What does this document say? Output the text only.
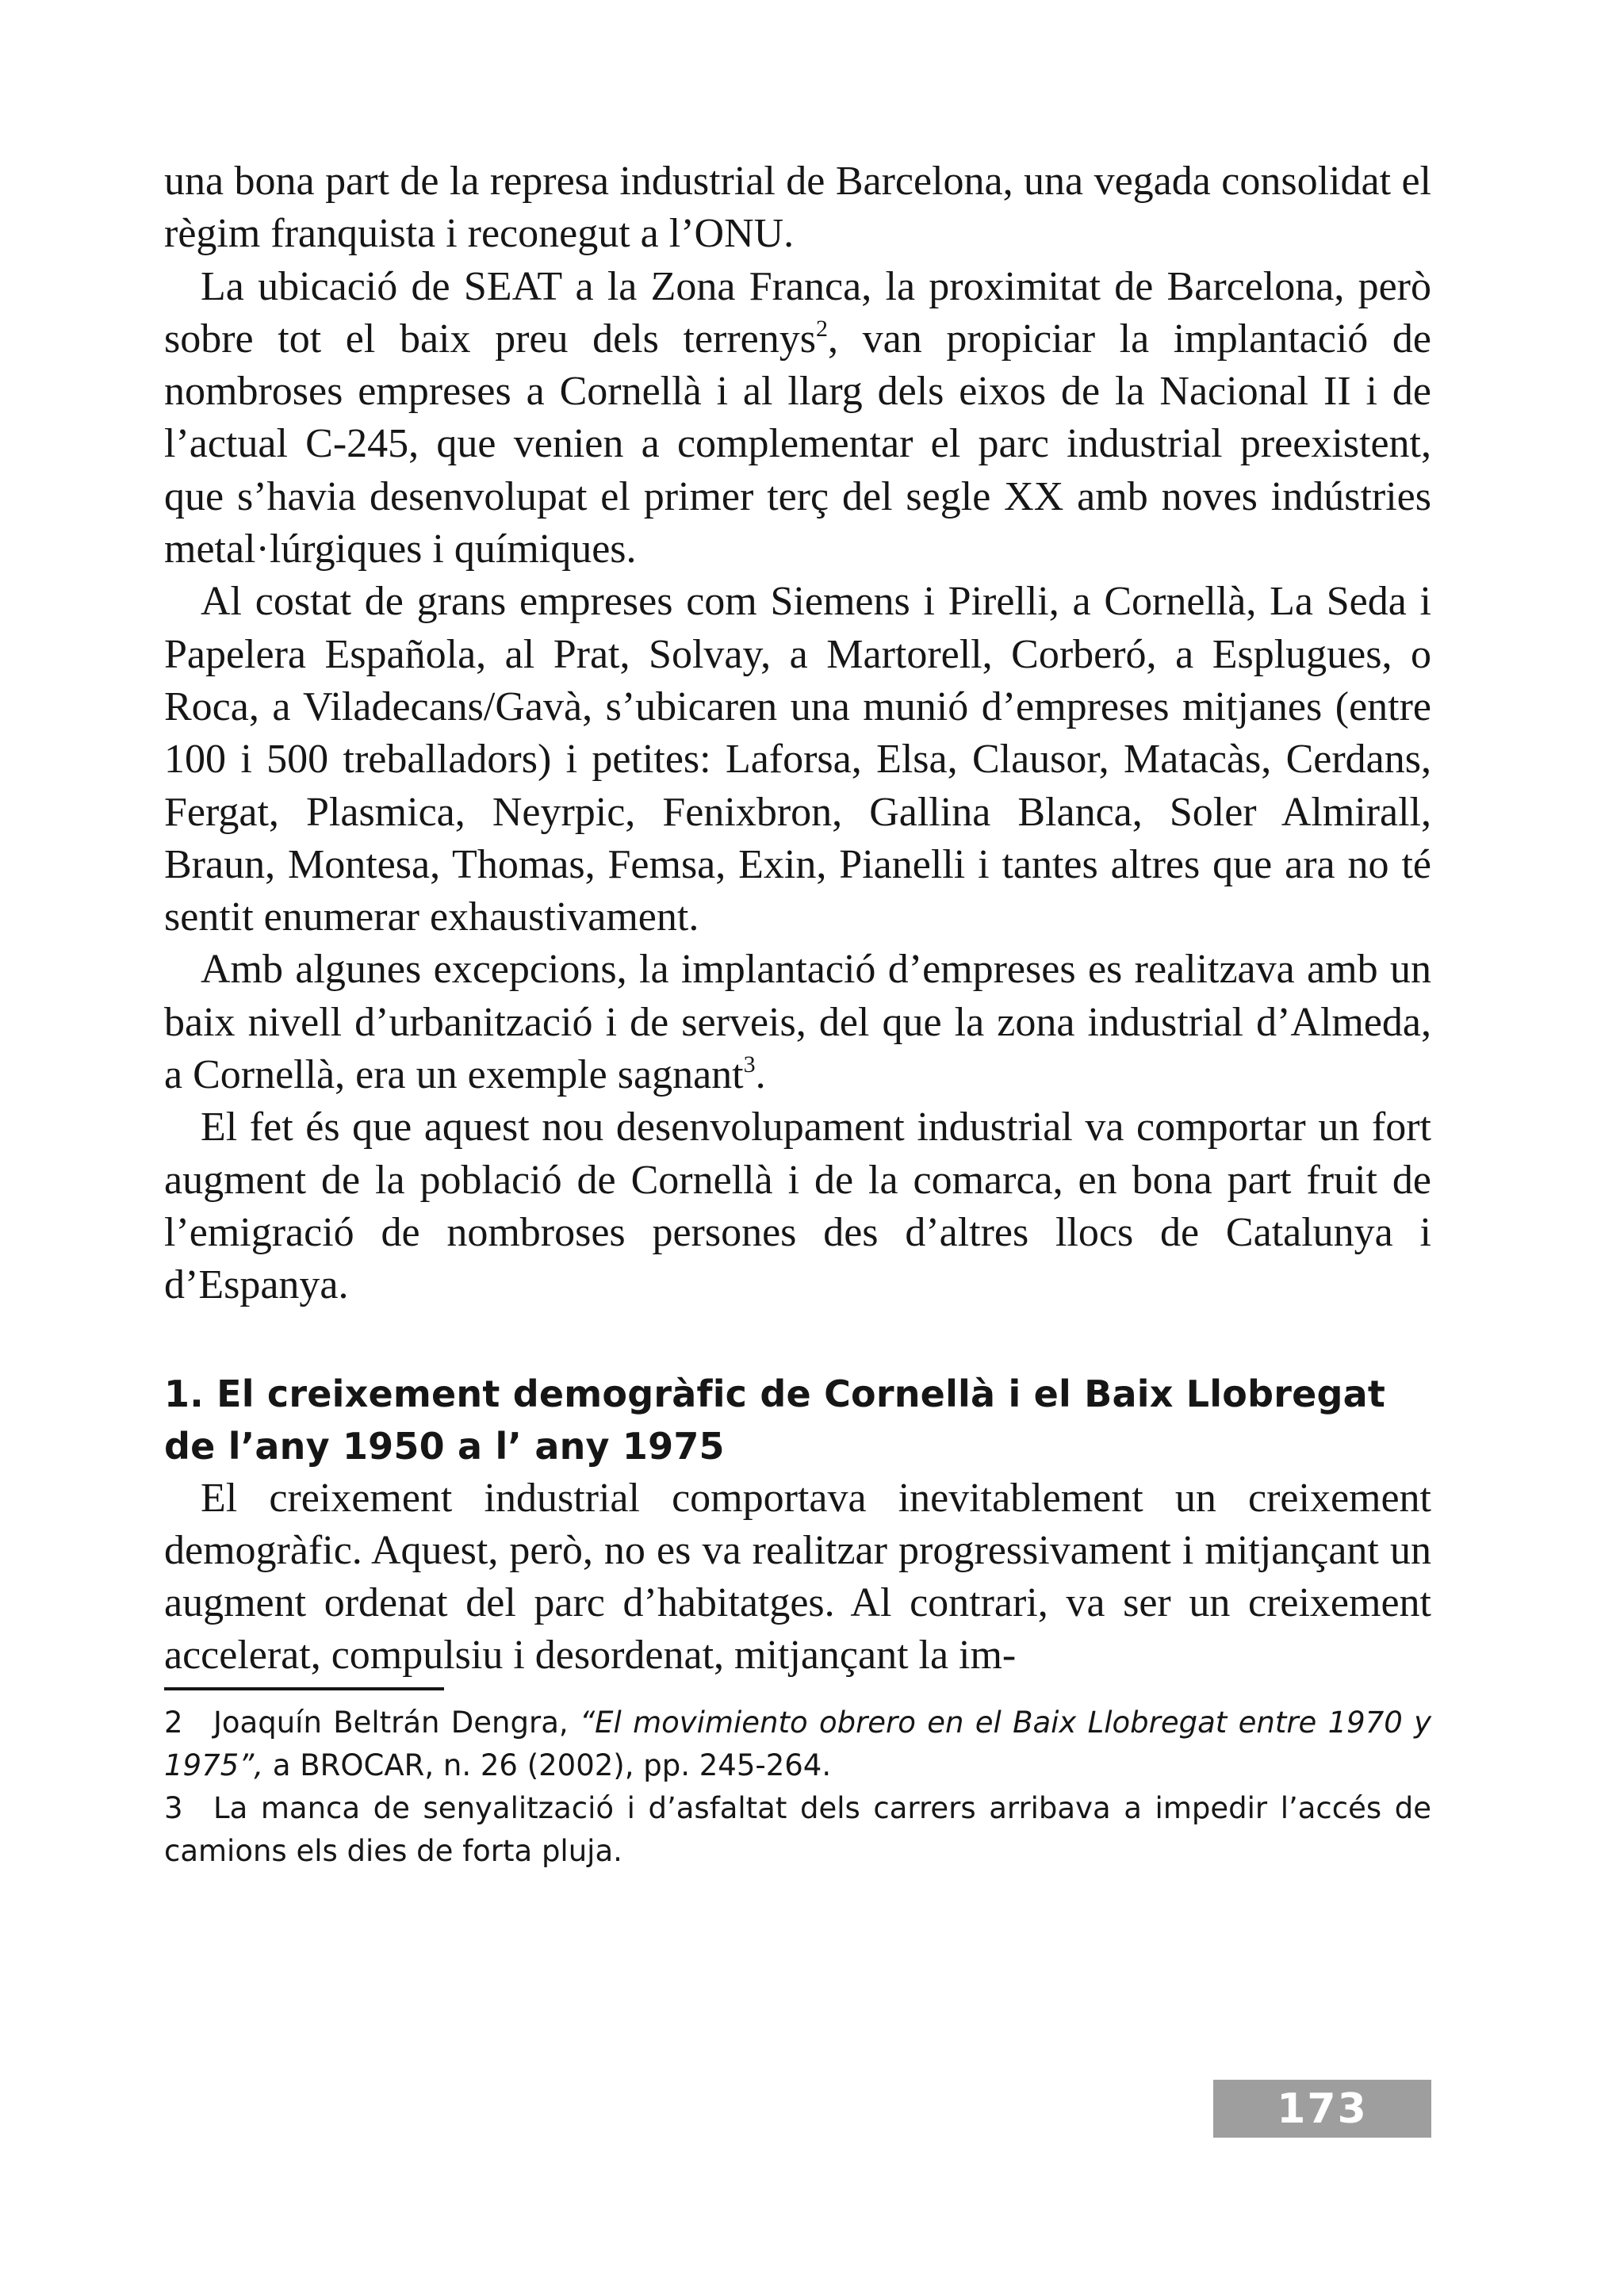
una bona part de la represa industrial de Barcelona, una vegada consolidat el règim franquista i reconegut a l’ONU.

La ubicació de SEAT a la Zona Franca, la proximitat de Barcelona, però sobre tot el baix preu dels terrenys$^2$, van propiciar la implantació de nombroses empreses a Cornellà i al llarg dels eixos de la Nacional II i de l’actual C-245, que venien a complementar el parc industrial preexistent, que s’havia desenvolupat el primer terç del segle XX amb noves indústries metal·lúrgiques i químiques.

Al costat de grans empreses com Siemens i Pirelli, a Cornellà, La Seda i Papelera Española, al Prat, Solvay, a Martorell, Corberó, a Esplugues, o Roca, a Viladecans/Gavà, s’ubicaren una munió d’empreses mitjanes (entre 100 i 500 treballadors) i petites: Laforsa, Elsa, Clausor, Matacàs, Cerdans, Fergat, Plasmica, Neyrpic, Fenixbron, Gallina Blanca, Soler Almirall, Braun, Montesa, Thomas, Femsa, Exin, Pianelli i tantes altres que ara no té sentit enumerar exhaustivament.

Amb algunes excepcions, la implantació d’empreses es realitzava amb un baix nivell d’urbanització i de serveis, del que la zona industrial d’Almeda, a Cornellà, era un exemple sagnant$^3$.

El fet és que aquest nou desenvolupament industrial va comportar un fort augment de la població de Cornellà i de la comarca, en bona part fruit de l’emigració de nombroses persones des d’altres llocs de Catalunya i d’Espanya.

1. El creixement demogràfic de Cornellà i el Baix Llobregat
de l’any 1950 a l’ any 1975

El creixement industrial comportava inevitablement un creixement demogràfic. Aquest, però, no es va realitzar progressivament i mitjançant un augment ordenat del parc d’habitatges. Al contrari, va ser un creixement accelerat, compulsiu i desordenat, mitjançant la im-

2 Joaquín Beltrán Dengra, “El movimiento obrero en el Baix Llobregat entre 1970 y 1975”, a BROCAR, n. 26 (2002), pp. 245-264.

3 La manca de senyalització i d’asfaltat dels carrers arribava a impedir l’accés de camions els dies de forta pluja.

173
